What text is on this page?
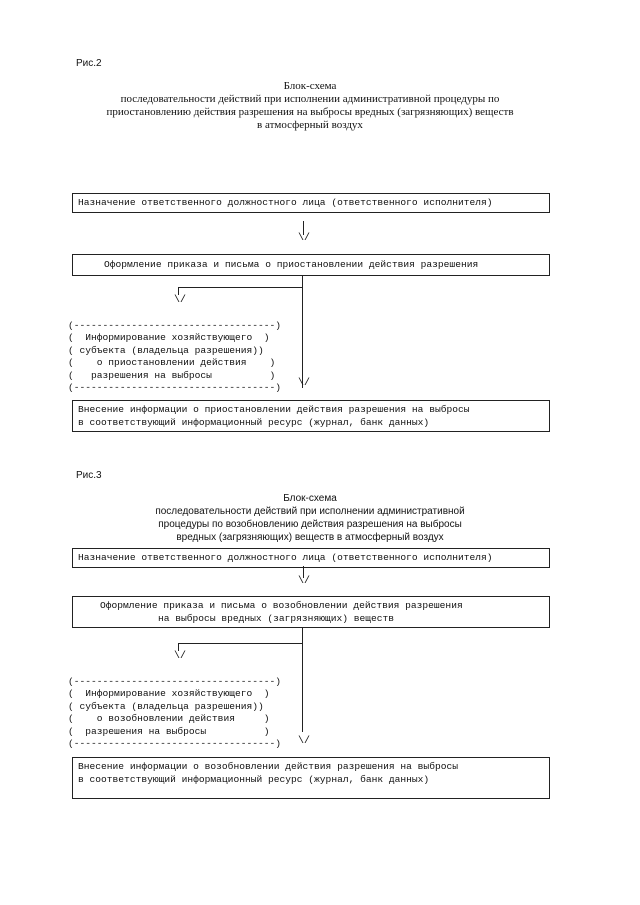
Рис.2
Блок-схема
последовательности действий при исполнении административной процедуры по
приостановлению действия разрешения на выбросы вредных (загрязняющих) веществ
в атмосферный воздух
Назначение ответственного должностного лица (ответственного исполнителя)
\/
Оформление приказа и письма о приостановлении действия разрешения
\/

(-----------------------------------)
(  Информирование хозяйствующего  )
( субъекта (владельца разрешения))
(    о приостановлении действия    )
(   разрешения на выбросы          )
(-----------------------------------) \/
Внесение информации о приостановлении действия разрешения на выбросы
в соответствующий информационный ресурс (журнал, банк данных)
Рис.3
Блок-схема
последовательности действий при исполнении административной
процедуры по возобновлению действия разрешения на выбросы
вредных (загрязняющих) веществ в атмосферный воздух
Назначение ответственного должностного лица (ответственного исполнителя)
\/
Оформление приказа и письма о возобновлении действия разрешения
на выбросы вредных (загрязняющих) веществ
\/

(-----------------------------------)
(  Информирование хозяйствующего  )
( субъекта (владельца разрешения))
(    о возобновлении действия     )
(  разрешения на выбросы          )
(-----------------------------------) \/
Внесение информации о возобновлении действия разрешения на выбросы
в соответствующий информационный ресурс (журнал, банк данных)
